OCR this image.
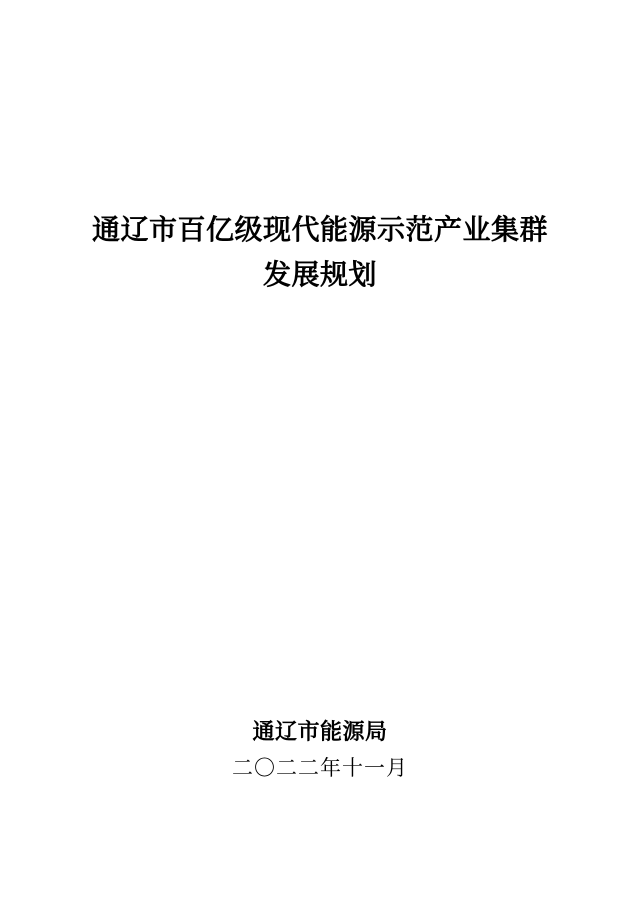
通辽市百亿级现代能源示范产业集群
发展规划
通辽市能源局
二〇二二年十一月
